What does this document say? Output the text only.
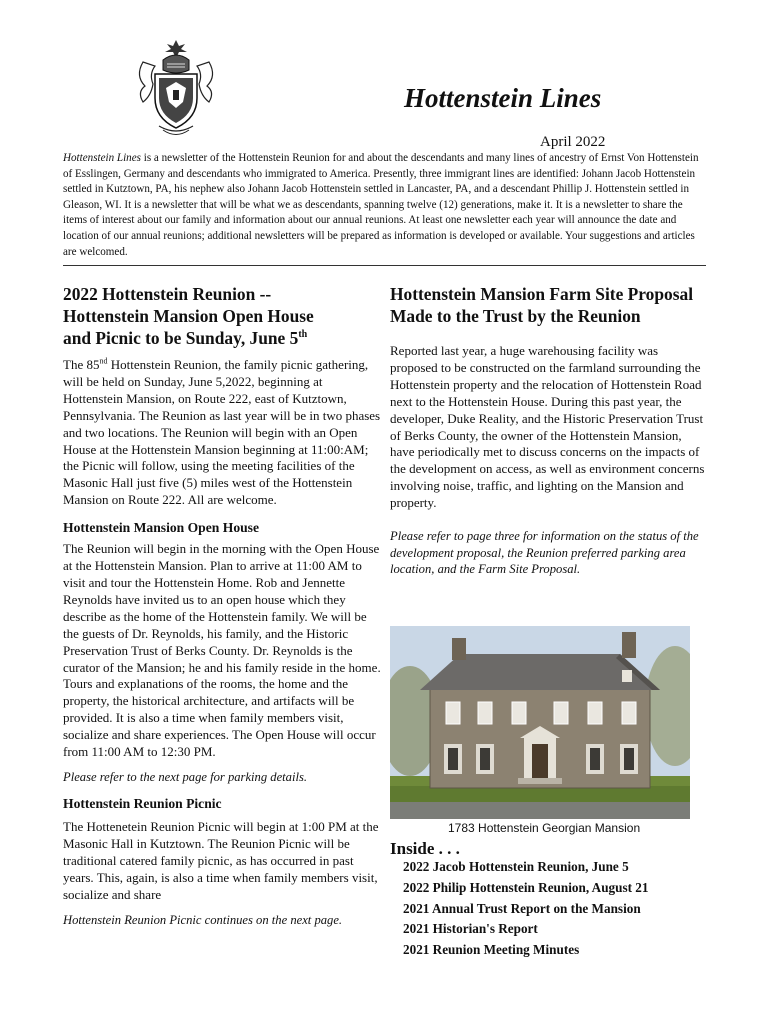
Hottenstein Lines
April 2022
Hottenstein Lines is a newsletter of the Hottenstein Reunion for and about the descendants and many lines of ancestry of Ernst Von Hottenstein of Esslingen, Germany and descendants who immigrated to America. Presently, three immigrant lines are identified: Johann Jacob Hottenstein settled in Kutztown, PA, his nephew also Johann Jacob Hottenstein settled in Lancaster, PA, and a descendant Phillip J. Hottenstein settled in Gleason, WI. It is a newsletter that will be what we as descendants, spanning twelve (12) generations, make it. It is a newsletter to share the items of interest about our family and information about our annual reunions. At least one newsletter each year will announce the date and location of our annual reunions; additional newsletters will be prepared as information is developed or available. Your suggestions and articles are welcomed.
2022 Hottenstein Reunion --
Hottenstein Mansion Open House
and Picnic to be Sunday, June 5th

The 85nd Hottenstein Reunion, the family picnic gathering, will be held on Sunday, June 5,2022, beginning at Hottenstein Mansion, on Route 222, east of Kutztown, Pennsylvania. The Reunion as last year will be in two phases and two locations. The Reunion will begin with an Open House at the Hottenstein Mansion beginning at 11:00:AM; the Picnic will follow, using the meeting facilities of the Masonic Hall just five (5) miles west of the Hottenstein Mansion on Route 222. All are welcome.

Hottenstein Mansion Open House

The Reunion will begin in the morning with the Open House at the Hottenstein Mansion. Plan to arrive at 11:00 AM to visit and tour the Hottenstein Home. Rob and Jennette Reynolds have invited us to an open house which they describe as the home of the Hottenstein family. We will be the guests of Dr. Reynolds, his family, and the Historic Preservation Trust of Berks County. Dr. Reynolds is the curator of the Mansion; he and his family reside in the home. Tours and explanations of the rooms, the home and the property, the historical architecture, and artifacts will be provided. It is also a time when family members visit, socialize and share experiences. The Open House will occur from 11:00 AM to 12:30 PM.

Please refer to the next page for parking details.

Hottenstein Reunion Picnic

The Hottenetein Reunion Picnic will begin at 1:00 PM at the Masonic Hall in Kutztown. The Reunion Picnic will be traditional catered family picnic, as has occurred in past years. This, again, is also a time when family members visit, socialize and share

Hottenstein Reunion Picnic continues on the next page.

Hottenstein Mansion Farm Site Proposal
Made to the Trust by the Reunion

Reported last year, a huge warehousing facility was proposed to be constructed on the farmland surrounding the Hottenstein property and the relocation of Hottenstein Road next to the Hottenstein House. During this past year, the developer, Duke Reality, and the Historic Preservation Trust of Berks County, the owner of the Hottenstein Mansion, have periodically met to discuss concerns on the impacts of the development on access, as well as environment concerns involving noise, traffic, and lighting on the Mansion and property.

Please refer to page three for information on the status of the development proposal, the Reunion preferred parking area location, and the Farm Site Proposal.

1783 Hottenstein Georgian Mansion
Inside . . .
2022 Jacob Hottenstein Reunion, June 5
2022 Philip Hottenstein Reunion, August 21
2021 Annual Trust Report on the Mansion
2021 Historian's Report
2021 Reunion Meeting Minutes
